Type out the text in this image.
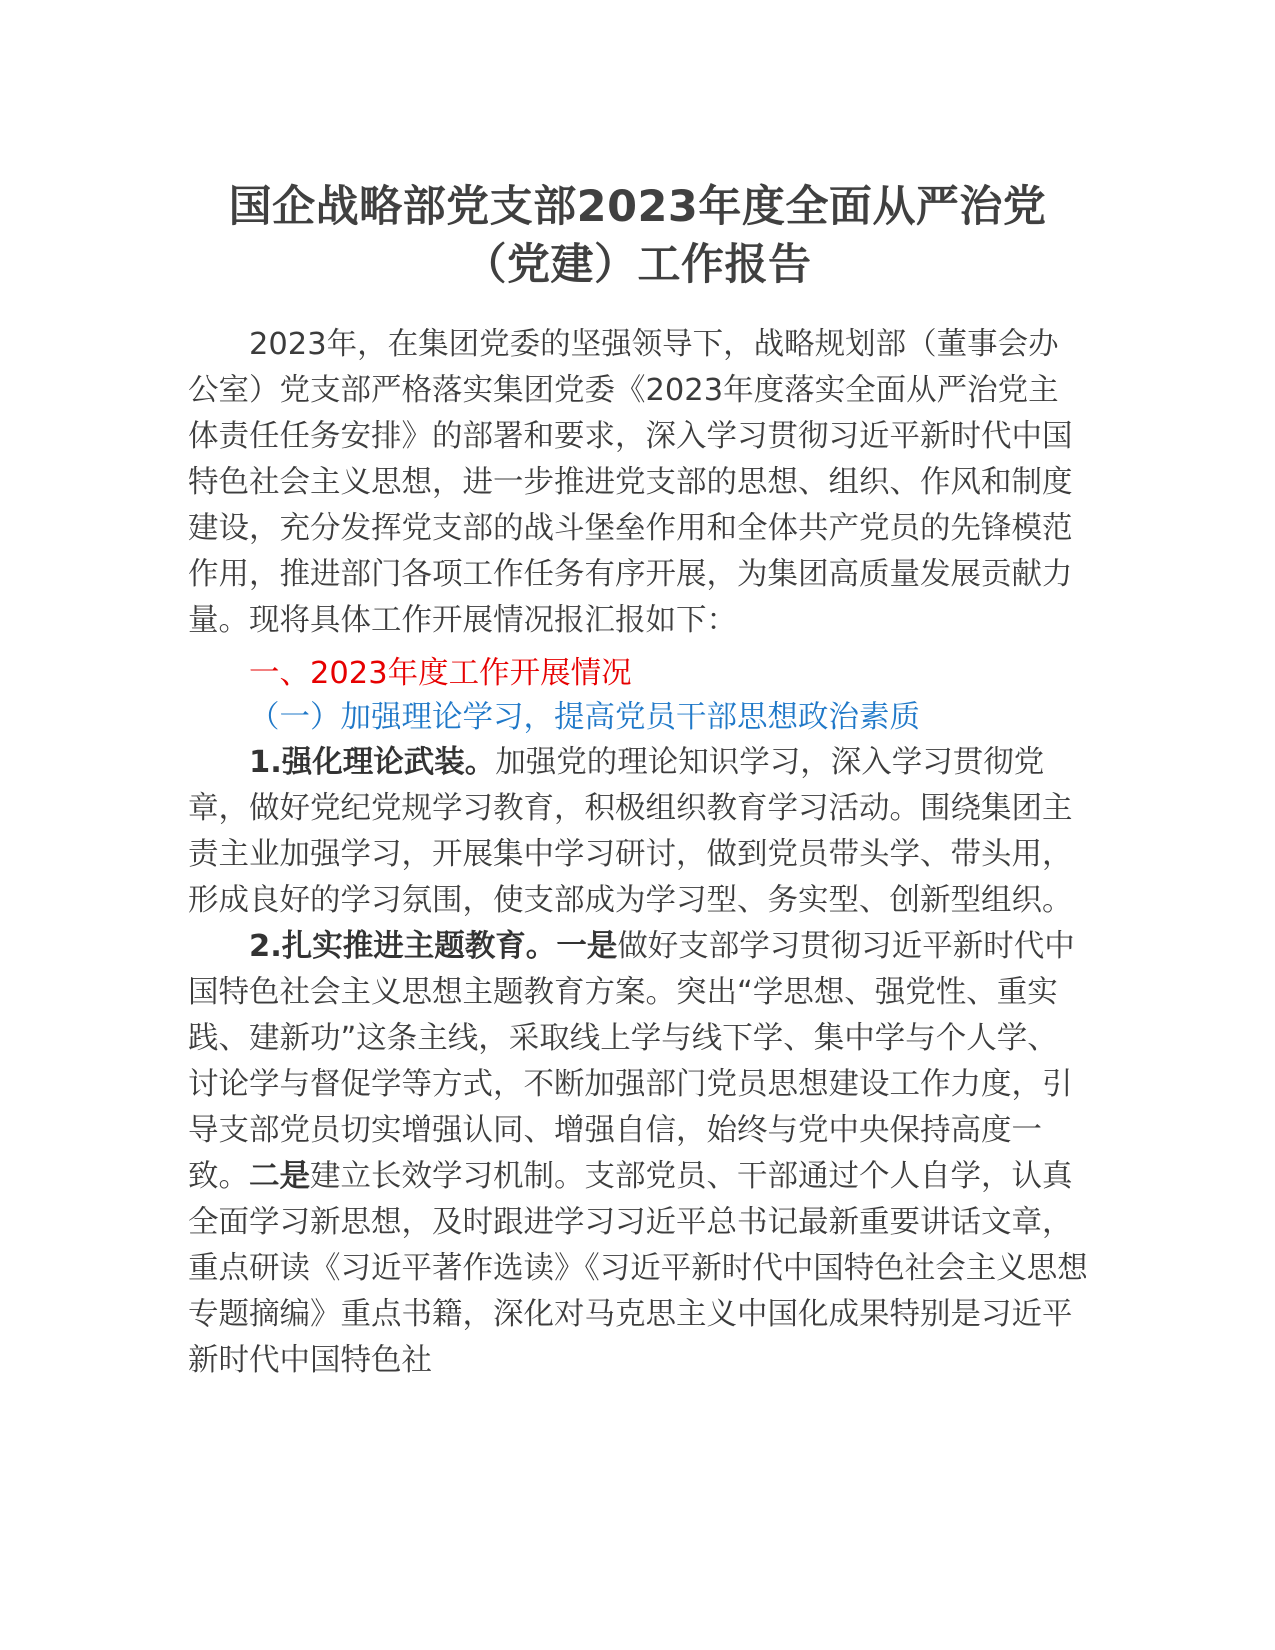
国企战略部党支部2023年度全面从严治党
（党建）工作报告

2023年，在集团党委的坚强领导下，战略规划部（董事会办公室）党支部严格落实集团党委《2023年度落实全面从严治党主体责任任务安排》的部署和要求，深入学习贯彻习近平新时代中国特色社会主义思想，进一步推进党支部的思想、组织、作风和制度建设，充分发挥党支部的战斗堡垒作用和全体共产党员的先锋模范作用，推进部门各项工作任务有序开展，为集团高质量发展贡献力量。现将具体工作开展情况报汇报如下：

一、2023年度工作开展情况

（一）加强理论学习，提高党员干部思想政治素质

1.强化理论武装。加强党的理论知识学习，深入学习贯彻党章，做好党纪党规学习教育，积极组织教育学习活动。围绕集团主责主业加强学习，开展集中学习研讨，做到党员带头学、带头用，形成良好的学习氛围，使支部成为学习型、务实型、创新型组织。

2.扎实推进主题教育。一是做好支部学习贯彻习近平新时代中国特色社会主义思想主题教育方案。突出“学思想、强党性、重实践、建新功”这条主线，采取线上学与线下学、集中学与个人学、讨论学与督促学等方式，不断加强部门党员思想建设工作力度，引导支部党员切实增强认同、增强自信，始终与党中央保持高度一致。二是建立长效学习机制。支部党员、干部通过个人自学，认真全面学习新思想，及时跟进学习习近平总书记最新重要讲话文章，重点研读《习近平著作选读》《习近平新时代中国特色社会主义思想专题摘编》重点书籍，深化对马克思主义中国化成果特别是习近平新时代中国特色社
